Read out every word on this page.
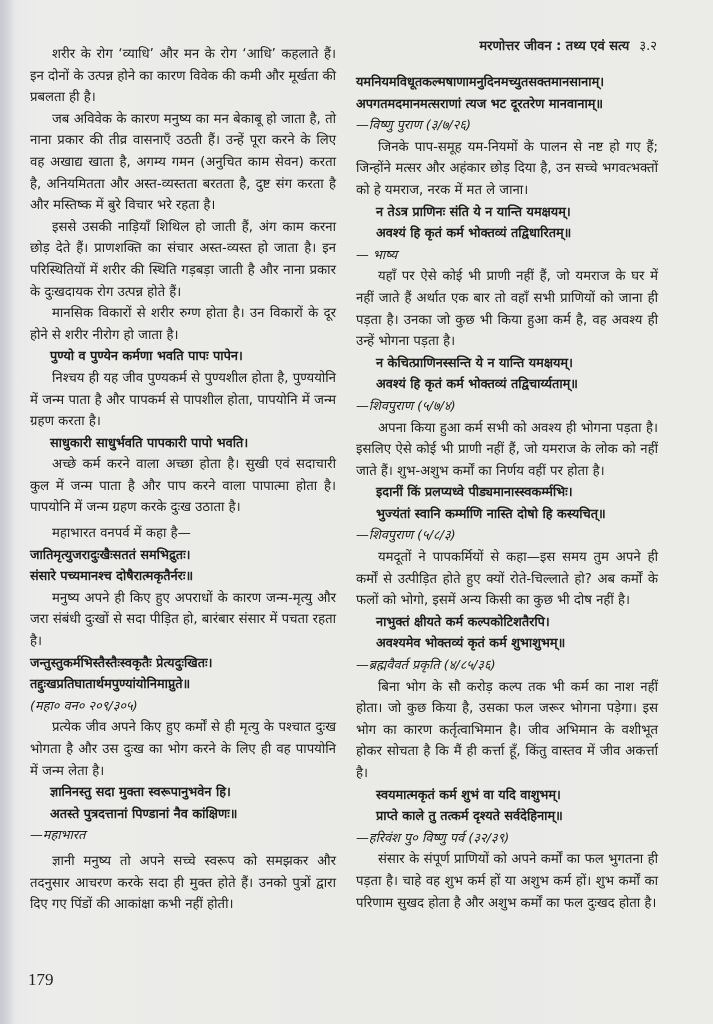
मरणोत्तर जीवन : तथ्य एवं सत्य ३.२

शरीर के रोग ‘व्याधि’ और मन के रोग ‘आधि’ कहलाते हैं। इन दोनों के उत्पन्न होने का कारण विवेक की कमी और मूर्खता की प्रबलता ही है।

जब अविवेक के कारण मनुष्य का मन बेकाबू हो जाता है, तो नाना प्रकार की तीव्र वासनाएँ उठती हैं। उन्हें पूरा करने के लिए वह अखाद्य खाता है, अगम्य गमन (अनुचित काम सेवन) करता है, अनियमितता और अस्त-व्यस्तता बरतता है, दुष्ट संग करता है और मस्तिष्क में बुरे विचार भरे रहता है।

इससे उसकी नाड़ियाँ शिथिल हो जाती हैं, अंग काम करना छोड़ देते हैं। प्राणशक्ति का संचार अस्त-व्यस्त हो जाता है। इन परिस्थितियों में शरीर की स्थिति गड़बड़ा जाती है और नाना प्रकार के दुःखदायक रोग उत्पन्न होते हैं।

मानसिक विकारों से शरीर रुग्ण होता है। उन विकारों के दूर होने से शरीर नीरोग हो जाता है।

पुण्यो व पुण्येन कर्मणा भवति पापः पापेन।

निश्चय ही यह जीव पुण्यकर्म से पुण्यशील होता है, पुण्ययोनि में जन्म पाता है और पापकर्म से पापशील होता, पापयोनि में जन्म ग्रहण करता है।

साधुकारी साधुर्भवति पापकारी पापो भवति।

अच्छे कर्म करने वाला अच्छा होता है। सुखी एवं सदाचारी कुल में जन्म पाता है और पाप करने वाला पापात्मा होता है। पापयोनि में जन्म ग्रहण करके दुःख उठाता है।

महाभारत वनपर्व में कहा है—

जातिमृत्युजरादुःखैःसततं समभिद्रुतः।

संसारे पच्यमानश्च दोषैरात्मकृतैर्नरः॥

मनुष्य अपने ही किए हुए अपराधों के कारण जन्म-मृत्यु और जरा संबंधी दुःखों से सदा पीड़ित हो, बारंबार संसार में पचता रहता है।

जन्तुस्तुकर्मभिस्तैस्तैःस्वकृतैः प्रेत्यदुःखितः।

तद्दुःखप्रतिघातार्थमपुण्यांयोनिमाप्नुते॥

(महा० वन० २०९/३०५)

प्रत्येक जीव अपने किए हुए कर्मों से ही मृत्यु के पश्चात दुःख भोगता है और उस दुःख का भोग करने के लिए ही वह पापयोनि में जन्म लेता है।

ज्ञानिनस्तु सदा मुक्ता स्वरूपानुभवेन हि।

अतस्ते पुत्रदत्तानां पिण्डानां नैव कांक्षिणः॥

—महाभारत

ज्ञानी मनुष्य तो अपने सच्चे स्वरूप को समझकर और तदनुसार आचरण करके सदा ही मुक्त होते हैं। उनको पुत्रों द्वारा दिए गए पिंडों की आकांक्षा कभी नहीं होती।

यमनियमविधूतकल्मषाणामनुदिनमच्युतसक्तमानसानाम्।

अपगतमदमानमत्सराणां त्यज भट दूरतरेण मानवानाम्॥

—विष्णु पुराण (३/७/२६)

जिनके पाप-समूह यम-नियमों के पालन से नष्ट हो गए हैं; जिन्होंने मत्सर और अहंकार छोड़ दिया है, उन सच्चे भगवत्भक्तों को हे यमराज, नरक में मत ले जाना।

न तेऽत्र प्राणिनः संति ये न यान्ति यमक्षयम्।

अवश्यं हि कृतं कर्म भोक्तव्यं तद्विधारितम्॥

— भाष्य

यहाँ पर ऐसे कोई भी प्राणी नहीं हैं, जो यमराज के घर में नहीं जाते हैं अर्थात एक बार तो वहाँ सभी प्राणियों को जाना ही पड़ता है। उनका जो कुछ भी किया हुआ कर्म है, वह अवश्य ही उन्हें भोगना पड़ता है।

न केचित्प्राणिनस्सन्ति ये न यान्ति यमक्षयम्।

अवश्यं हि कृतं कर्म भोक्तव्यं तद्विचार्य्यताम्॥

—शिवपुराण (५/७/४)

अपना किया हुआ कर्म सभी को अवश्य ही भोगना पड़ता है। इसलिए ऐसे कोई भी प्राणी नहीं हैं, जो यमराज के लोक को नहीं जाते हैं। शुभ-अशुभ कर्मों का निर्णय वहीं पर होता है।

इदानीं किं प्रलप्यध्वे पीड्यमानास्स्वकर्म्मभिः।

भुज्यंतां स्वानि कर्म्माणि नास्ति दोषो हि कस्यचित्॥

—शिवपुराण (५/८/३)

यमदूतों ने पापकर्मियों से कहा—इस समय तुम अपने ही कर्मों से उत्पीड़ित होते हुए क्यों रोते-चिल्लाते हो? अब कर्मों के फलों को भोगो, इसमें अन्य किसी का कुछ भी दोष नहीं है।

नाभुक्तं क्षीयते कर्म कल्पकोटिशतैरपि।

अवश्यमेव भोक्तव्यं कृतं कर्म शुभाशुभम्॥

—ब्रह्मवैवर्त प्रकृति (४/८५/३६)

बिना भोग के सौ करोड़ कल्प तक भी कर्म का नाश नहीं होता। जो कुछ किया है, उसका फल जरूर भोगना पड़ेगा। इस भोग का कारण कर्तृत्वाभिमान है। जीव अभिमान के वशीभूत होकर सोचता है कि मैं ही कर्त्ता हूँ, किंतु वास्तव में जीव अकर्त्ता है।

स्वयमात्मकृतं कर्म शुभं वा यदि वाशुभम्।

प्राप्ते काले तु तत्कर्म दृश्यते सर्वदेहिनाम्॥

—हरिवंश पु० विष्णु पर्व (३२/३९)

संसार के संपूर्ण प्राणियों को अपने कर्मों का फल भुगतना ही पड़ता है। चाहे वह शुभ कर्म हों या अशुभ कर्म हों। शुभ कर्मों का परिणाम सुखद होता है और अशुभ कर्मों का फल दुःखद होता है।

179
